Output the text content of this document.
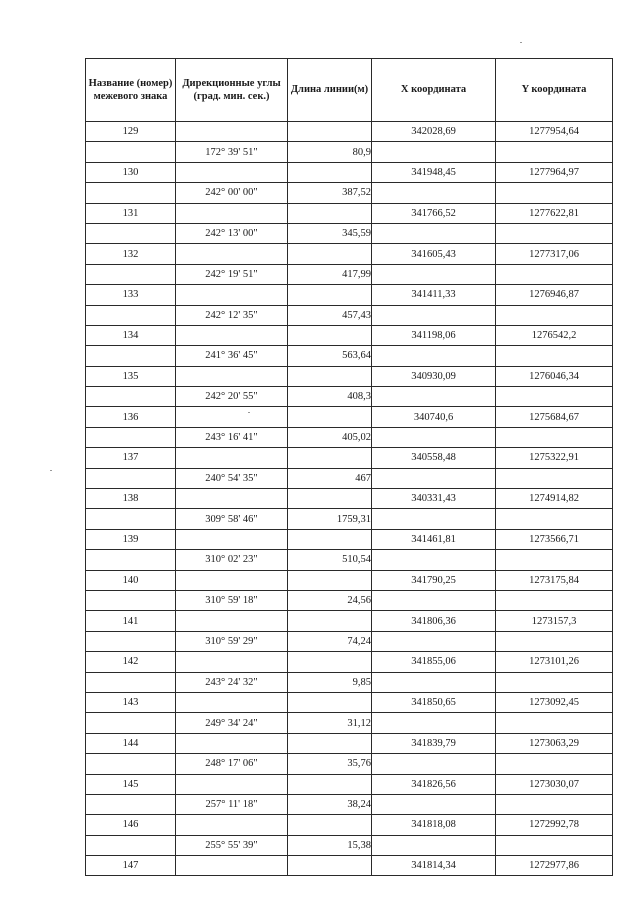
Название (номер) межевого знака	Дирекционные углы (град. мин. сек.)	Длина линии(м)	X координата	Y координата
129			342028,69	1277954,64
	172° 39' 51"	80,9		
130			341948,45	1277964,97
	242° 00' 00"	387,52		
131			341766,52	1277622,81
	242° 13' 00"	345,59		
132			341605,43	1277317,06
	242° 19' 51"	417,99		
133			341411,33	1276946,87
	242° 12' 35"	457,43		
134			341198,06	1276542,2
	241° 36' 45"	563,64		
135			340930,09	1276046,34
	242° 20' 55"	408,3		
136			340740,6	1275684,67
	243° 16' 41"	405,02		
137			340558,48	1275322,91
	240° 54' 35"	467		
138			340331,43	1274914,82
	309° 58' 46"	1759,31		
139			341461,81	1273566,71
	310° 02' 23"	510,54		
140			341790,25	1273175,84
	310° 59' 18"	24,56		
141			341806,36	1273157,3
	310° 59' 29"	74,24		
142			341855,06	1273101,26
	243° 24' 32"	9,85		
143			341850,65	1273092,45
	249° 34' 24"	31,12		
144			341839,79	1273063,29
	248° 17' 06"	35,76		
145			341826,56	1273030,07
	257° 11' 18"	38,24		
146			341818,08	1272992,78
	255° 55' 39"	15,38		
147			341814,34	1272977,86
